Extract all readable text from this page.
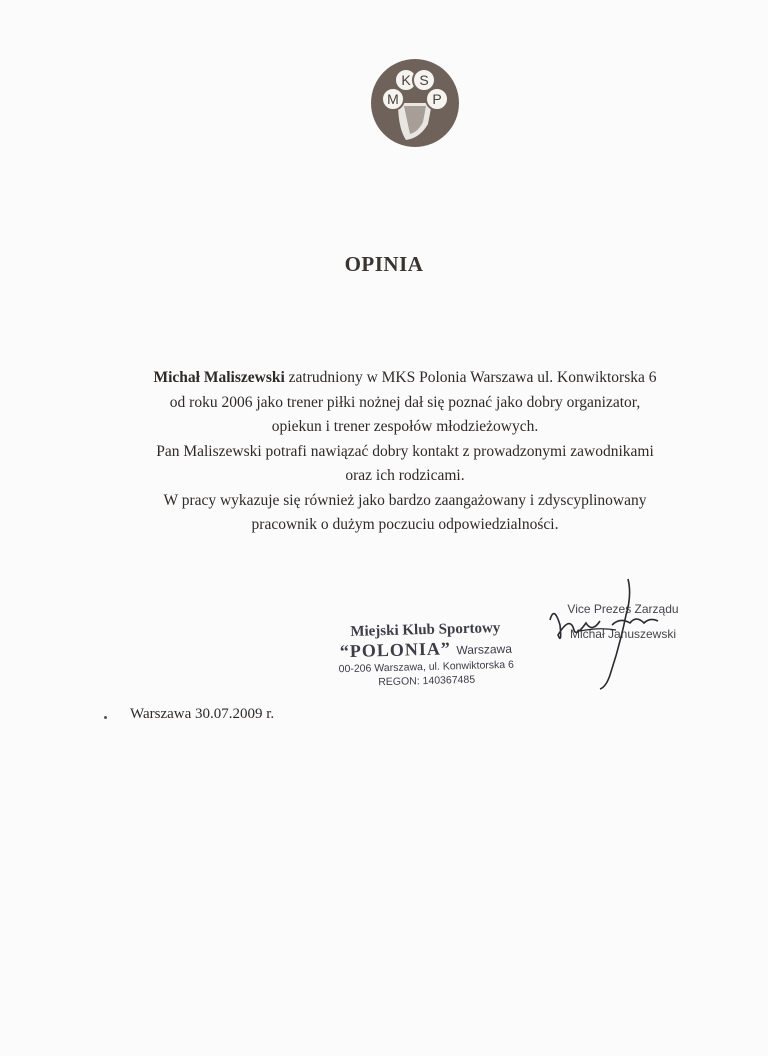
K S
M P
OPINIA

Michał Maliszewski zatrudniony w MKS Polonia Warszawa ul. Konwiktorska 6

od roku 2006 jako trener piłki nożnej dał się poznać jako dobry organizator,

opiekun i trener zespołów młodzieżowych.

Pan Maliszewski potrafi nawiązać dobry kontakt z prowadzonymi zawodnikami

oraz ich rodzicami.

W pracy wykazuje się również jako bardzo zaangażowany i zdyscyplinowany

pracownik o dużym poczuciu odpowiedzialności.

Miejski Klub Sportowy
“POLONIA” Warszawa
00-206 Warszawa, ul. Konwiktorska 6
REGON: 140367485
Vice Prezes Zarządu
Michał Januszewski
Warszawa 30.07.2009 r.
